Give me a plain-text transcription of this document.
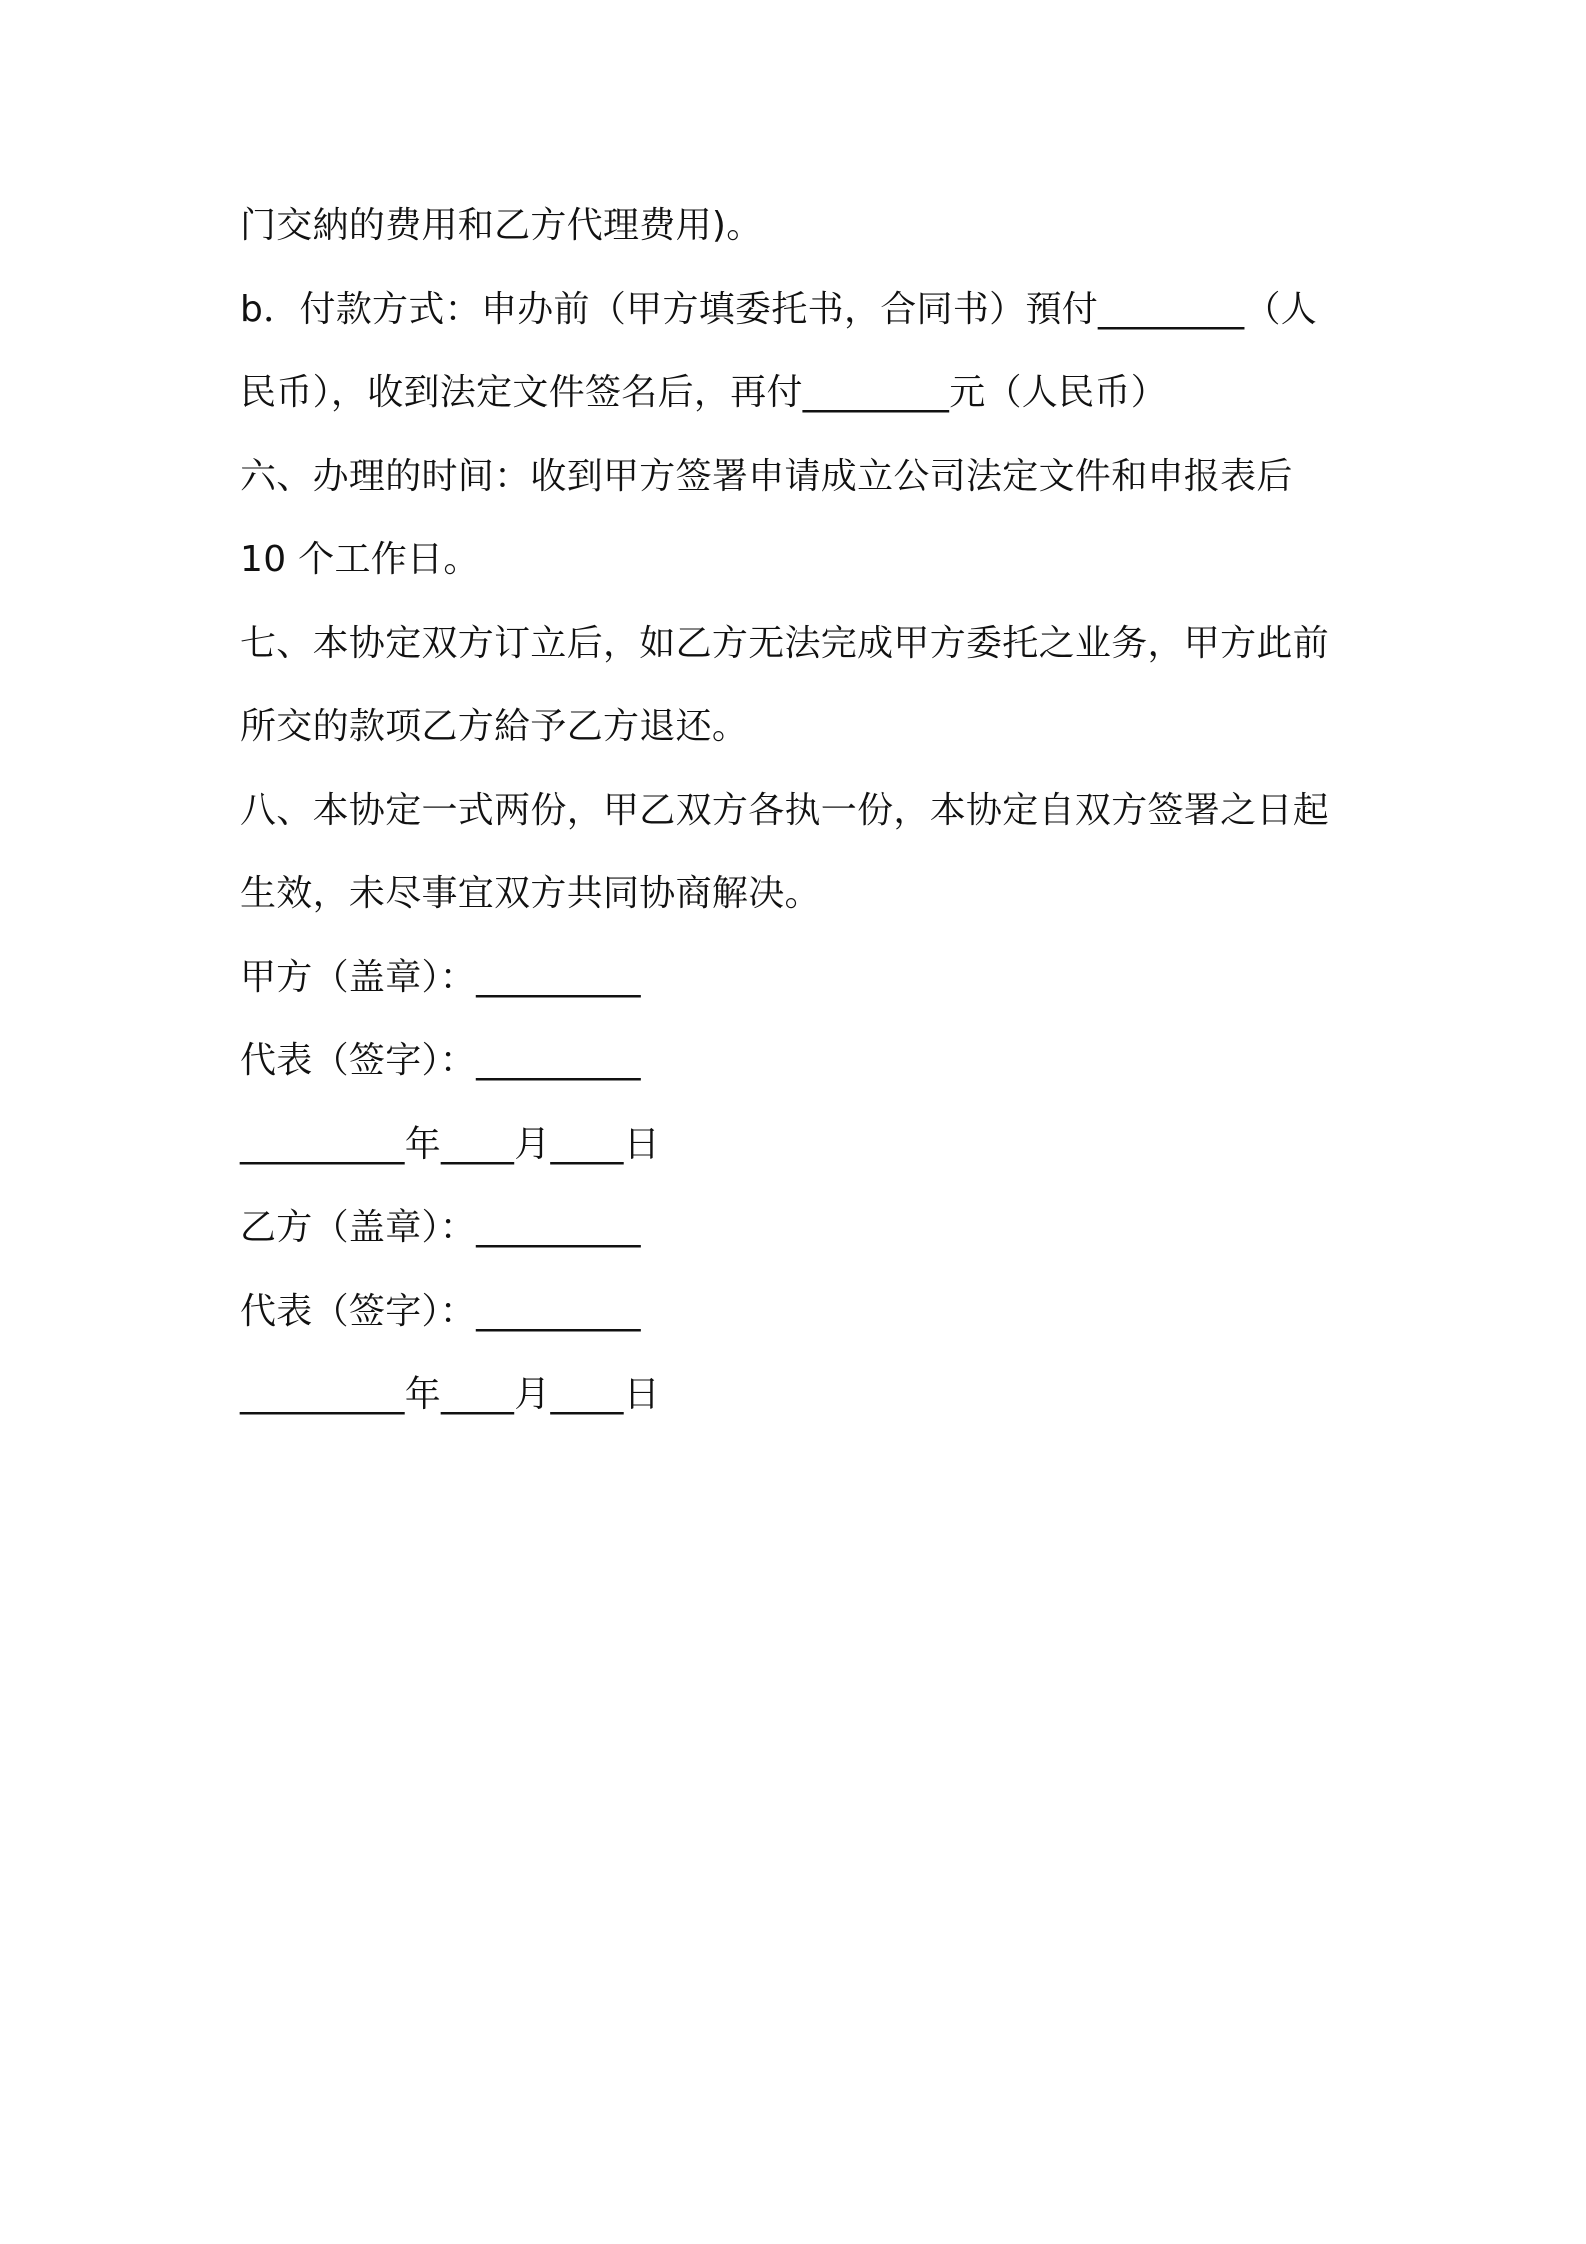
门交納的费用和乙方代理费用)。
b．付款方式：申办前（甲方填委托书，合同书）預付________（人
民币），收到法定文件签名后，再付________元（人民币）
六、办理的时间：收到甲方签署申请成立公司法定文件和申报表后
10 个工作日。
七、本协定双方订立后，如乙方无法完成甲方委托之业务，甲方此前
所交的款项乙方給予乙方退还。
八、本协定一式两份，甲乙双方各执一份，本协定自双方签署之日起
生效，未尽事宜双方共同协商解决。
甲方（盖章）：_________
代表（签字）：_________
_________年____月____日
乙方（盖章）：_________
代表（签字）：_________
_________年____月____日
